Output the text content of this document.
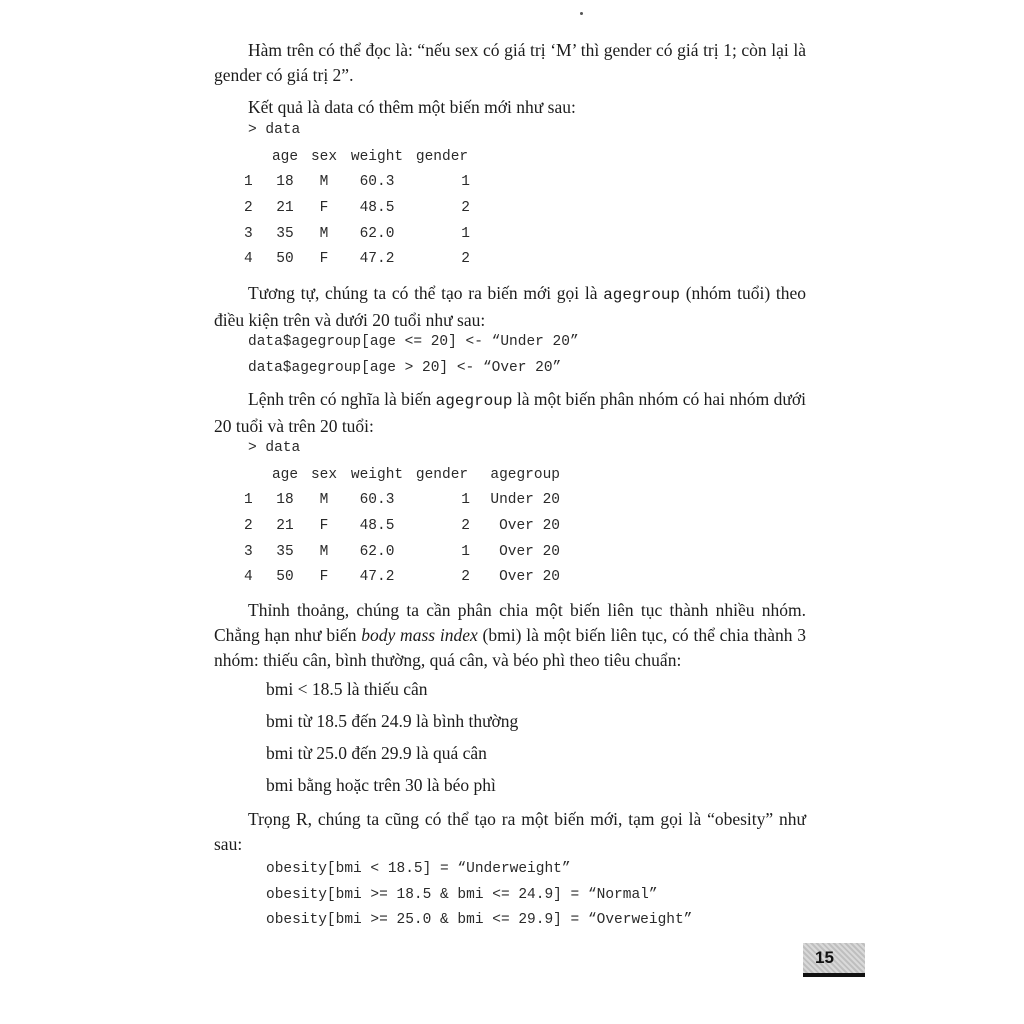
Hàm trên có thể đọc là: “nếu sex có giá trị ‘M’ thì gender có giá trị 1; còn lại là gender có giá trị 2”.

Kết quả là data có thêm một biến mới như sau:

> data
	age	sex	weight	gender
1	18	M	60.3	1
2	21	F	48.5	2
3	35	M	62.0	1
4	50	F	47.2	2

Tương tự, chúng ta có thể tạo ra biến mới gọi là agegroup (nhóm tuổi) theo điều kiện trên và dưới 20 tuổi như sau:

data$agegroup[age <= 20] <- “Under 20”
data$agegroup[age > 20] <- “Over 20”

Lệnh trên có nghĩa là biến agegroup là một biến phân nhóm có hai nhóm dưới 20 tuổi và trên 20 tuổi:

> data
	age	sex	weight	gender	agegroup
1	18	M	60.3	1	Under 20
2	21	F	48.5	2	Over 20
3	35	M	62.0	1	Over 20
4	50	F	47.2	2	Over 20

Thỉnh thoảng, chúng ta cần phân chia một biến liên tục thành nhiều nhóm. Chẳng hạn như biến body mass index (bmi) là một biến liên tục, có thể chia thành 3 nhóm: thiếu cân, bình thường, quá cân, và béo phì theo tiêu chuẩn:

bmi < 18.5 là thiếu cân

bmi từ 18.5 đến 24.9 là bình thường

bmi từ 25.0 đến 29.9 là quá cân

bmi bằng hoặc trên 30 là béo phì

Trọng R, chúng ta cũng có thể tạo ra một biến mới, tạm gọi là “obesity” như sau:

obesity[bmi < 18.5] = “Underweight”
obesity[bmi >= 18.5 & bmi <= 24.9] = “Normal”
obesity[bmi >= 25.0 & bmi <= 29.9] = “Overweight”
15
